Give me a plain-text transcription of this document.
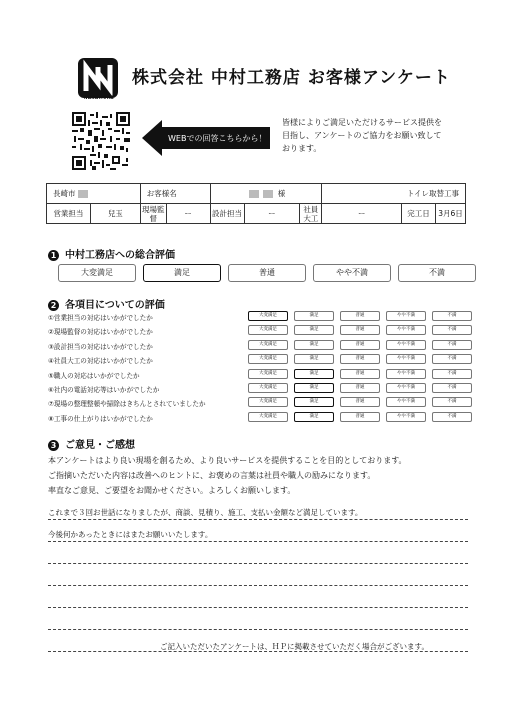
NAKAMURA
株式会社 中村工務店 お客様アンケート
WEBでの回答こちらから！
皆様によりご満足いただけるサービス提供を
目指し、アンケートのご協力をお願い致して
おります。
長崎市		お客様名		様			トイレ取替工事		
営業担当	兒玉	現場監督	ー	設計担当	ー	社員大工	ー	完工日	3月6日
1 中村工務店への総合評価
大変満足	満足	普通	やや不満	不満
2 各項目についての評価
①営業担当の対応はいかがでしたか	大変満足	満足	普通	やや不満	不満
②現場監督の対応はいかがでしたか	大変満足	満足	普通	やや不満	不満
③設計担当の対応はいかがでしたか	大変満足	満足	普通	やや不満	不満
④社員大工の対応はいかがでしたか	大変満足	満足	普通	やや不満	不満
⑤職人の対応はいかがでしたか	大変満足	満足	普通	やや不満	不満
⑥社内の電話対応等はいかがでしたか	大変満足	満足	普通	やや不満	不満
⑦現場の整理整頓や掃除はきちんとされていましたか	大変満足	満足	普通	やや不満	不満
⑧工事の仕上がりはいかがでしたか	大変満足	満足	普通	やや不満	不満
3 ご意見・ご感想
本アンケートはより良い現場を創るため、より良いサービスを提供することを目的としております。
ご指摘いただいた内容は改善へのヒントに、お褒めの言葉は社員や職人の励みになります。
率直なご意見、ご要望をお聞かせください。よろしくお願いします。
これまで３回お世話になりましたが、商談、見積り、施工、支払い金額など満足しています。
今後何かあったときにはまたお願いいたします。
ご記入いただいたアンケートは、ＨＰに掲載させていただく場合がございます。
